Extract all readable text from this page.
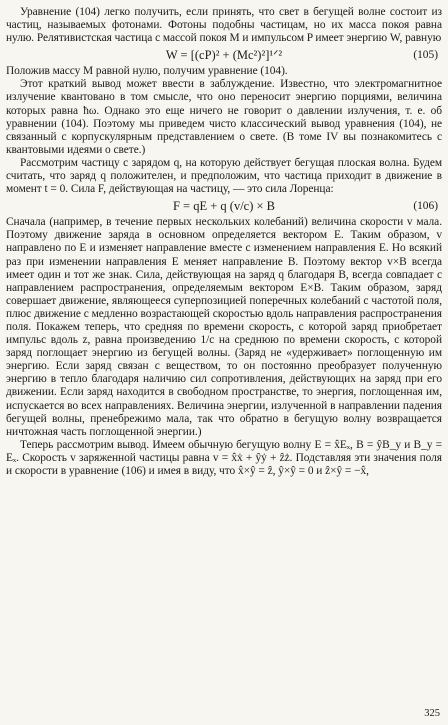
Уравнение (104) легко получить, если принять, что свет в бегущей волне состоит из частиц, называемых фотонами. Фотоны подобны частицам, но их масса покоя равна нулю. Релятивистская частица с массой покоя M и импульсом P имеет энергию W, равную

W = [(cP)² + (Mc²)²]¹ᐟ²	(105)

Положив массу M равной нулю, получим уравнение (104).

Этот краткий вывод может ввести в заблуждение. Известно, что электромагнитное излучение квантовано в том смысле, что оно переносит энергию порциями, величина которых равна ħω. Однако это еще ничего не говорит о давлении излучения, т. е. об уравнении (104). Поэтому мы приведем чисто классический вывод уравнения (104), не связанный с корпускулярным представлением о свете. (В томе IV вы познакомитесь с квантовыми идеями о свете.)

Рассмотрим частицу с зарядом q, на которую действует бегущая плоская волна. Будем считать, что заряд q положителен, и предположим, что частица приходит в движение в момент t = 0. Сила F, действующая на частицу, — это сила Лоренца:

F = qE + q (v/c) × B	(106)

Сначала (например, в течение первых нескольких колебаний) величина скорости v мала. Поэтому движение заряда в основном определяется вектором E. Таким образом, v направлено по E и изменяет направление вместе с изменением направления E. Но всякий раз при изменении направления E меняет направление B. Поэтому вектор v×B всегда имеет один и тот же знак. Сила, действующая на заряд q благодаря B, всегда совпадает с направлением распространения, определяемым вектором E×B. Таким образом, заряд совершает движение, являющееся суперпозицией поперечных колебаний с частотой поля, плюс движение с медленно возрастающей скоростью вдоль направления распространения поля. Покажем теперь, что средняя по времени скорость, с которой заряд приобретает импульс вдоль z, равна произведению 1/c на среднюю по времени скорость, с которой заряд поглощает энергию из бегущей волны. (Заряд не «удерживает» поглощенную им энергию. Если заряд связан с веществом, то он постоянно преобразует полученную энергию в тепло благодаря наличию сил сопротивления, действующих на заряд при его движении. Если заряд находится в свободном пространстве, то энергия, поглощенная им, испускается во всех направлениях. Величина энергии, излученной в направлении падения бегущей волны, пренебрежимо мала, так что обратно в бегущую волну возвращается ничтожная часть поглощенной энергии.)

Теперь рассмотрим вывод. Имеем обычную бегущую волну E = x̂Eₓ, B = ŷB_y и B_y = Eₓ. Скорость v заряженной частицы равна v = x̂ẋ + ŷẏ + ẑż. Подставляя эти значения поля и скорости в уравнение (106) и имея в виду, что x̂×ŷ = ẑ, ŷ×ŷ = 0 и ẑ×ŷ = −x̂,

325
